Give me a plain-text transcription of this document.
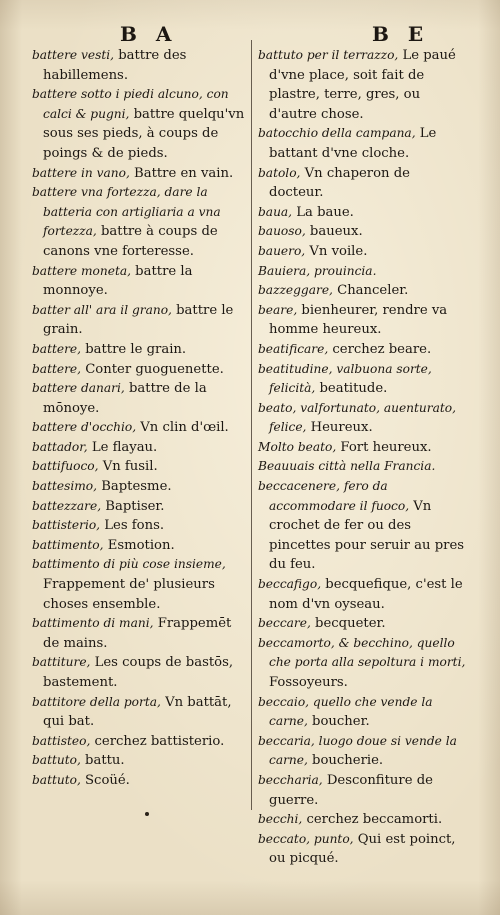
B A	B E

battere vesti, battre des habillemens.

battere sotto i piedi alcuno, con calci & pugni, battre quelqu'vn sous ses pieds, à coups de poings & de pieds.

battere in vano, Battre en vain.

battere vna fortezza, dare la batteria con artigliaria a vna fortezza, battre à coups de canons vne forteresse.

battere moneta, battre la monnoye.

batter all' ara il grano, battre le grain.

battere, battre le grain.

battere, Conter guoguenette.

battere danari, battre de la mōnoye.

battere d'occhio, Vn clin d'œil.

battador, Le flayau.

battifuoco, Vn fusil.

battesimo, Baptesme.

battezzare, Baptiser.

battisterio, Les fons.

battimento, Esmotion.

battimento di più cose insieme, Frappement de' plusieurs choses ensemble.

battimento di mani, Frappemēt de mains.

battiture, Les coups de bastōs, bastement.

battitore della porta, Vn battāt, qui bat.

battisteo, cerchez battisterio.

battuto, battu.

battuto, Scoüé.

battuto per il terrazzo, Le paué d'vne place, soit fait de plastre, terre, gres, ou d'autre chose.

batocchio della campana, Le battant d'vne cloche.

batolo, Vn chaperon de docteur.

baua, La baue.

bauoso, baueux.

bauero, Vn voile.

Bauiera, prouincia.

bazzeggare, Chanceler.

beare, bienheurer, rendre va homme heureux.

beatificare, cerchez beare.

beatitudine, valbuona sorte, felicità, beatitude.

beato, valfortunato, auenturato, felice, Heureux.

Molto beato, Fort heureux.

Beauuais città nella Francia.

beccacenere, fero da accommodare il fuoco, Vn crochet de fer ou des pincettes pour seruir au pres du feu.

beccafigo, becquefique, c'est le nom d'vn oyseau.

beccare, becqueter.

beccamorto, & becchino, quello che porta alla sepoltura i morti, Fossoyeurs.

beccaio, quello che vende la carne, boucher.

beccaria, luogo doue si vende la carne, boucherie.

beccharia, Desconfiture de guerre.

becchi, cerchez beccamorti.

beccato, punto, Qui est poinct, ou picqué.
